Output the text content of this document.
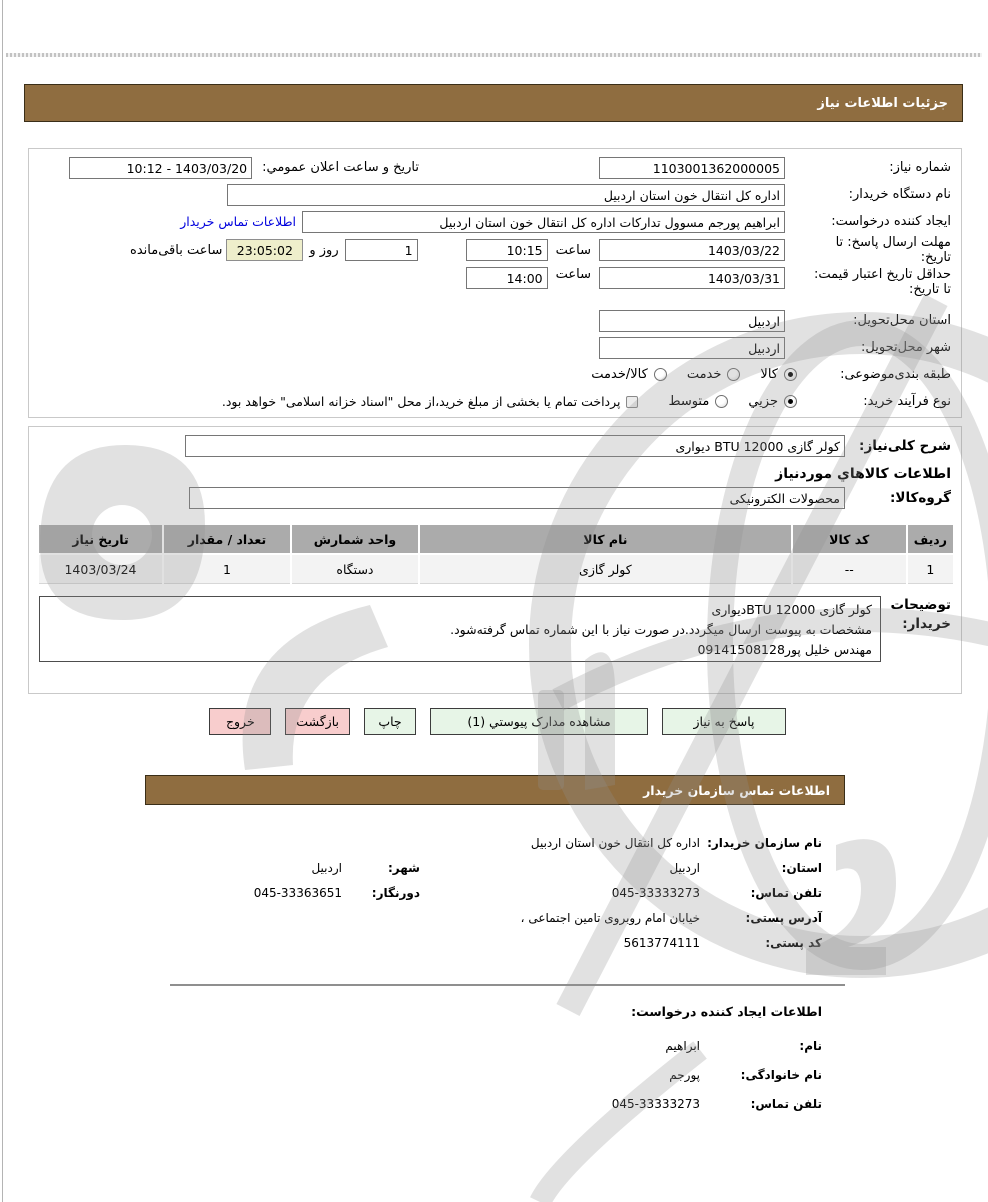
جزئیات اطلاعات نیاز
شماره نیاز:
1103001362000005
تاریخ و ساعت اعلان عمومي:
10:12 - 1403/03/20
نام دستگاه خریدار:
اداره کل انتقال خون استان اردبیل
ایجاد کننده درخواست:
ابراهیم پورجم مسوول تدارکات اداره کل انتقال خون استان اردبیل
اطلاعات تماس خریدار
مهلت ارسال پاسخ: تا تاریخ:
1403/03/22
ساعت
10:15
1
روز و
23:05:02
ساعت باقی‌مانده
حداقل تاریخ اعتبار قیمت: تا تاریخ:
1403/03/31
ساعت
14:00
استان محل‌تحویل:
اردبیل
شهر محل‌تحویل:
اردبیل
طبقه بندی‌موضوعی:
کالا
خدمت
کالا/خدمت
نوع فرآیند خرید:
جزیي
متوسط
پرداخت تمام یا بخشی از مبلغ خرید،از محل "اسناد خزانه اسلامی" خواهد بود.
شرح کلی‌نیاز:
کولر گازی BTU 12000 دیواری
اطلاعات کالاهاي موردنیاز
گروه‌کالا:
محصولات الکترونیکی
ردیف	کد کالا	نام کالا	واحد شمارش	تعداد / مقدار	تاریخ نیاز
1	--	کولر گازی	دستگاه	1	1403/03/24
توضیحات خریدار:
کولر گازی BTU 12000دیواری
مشخصات به پیوست ارسال میگردد.در صورت نیاز با این شماره تماس گرفته‌شود.
مهندس خلیل پور09141508128
پاسخ به نیاز
مشاهده مدارک پیوستي (1)
چاپ
بازگشت
خروج
اطلاعات تماس سازمان خریدار
نام سازمان خریدار:
اداره کل انتقال خون استان اردبیل
استان:
اردبیل
شهر:
اردبیل
تلفن تماس:
045-33333273
دورنگار:
045-33363651
آدرس پستی:
خیابان امام روبروی تامین اجتماعی ،
کد پستی:
5613774111
اطلاعات ایجاد کننده درخواست:
نام:
ابراهیم
نام خانوادگی:
پورجم
تلفن تماس:
045-33333273
